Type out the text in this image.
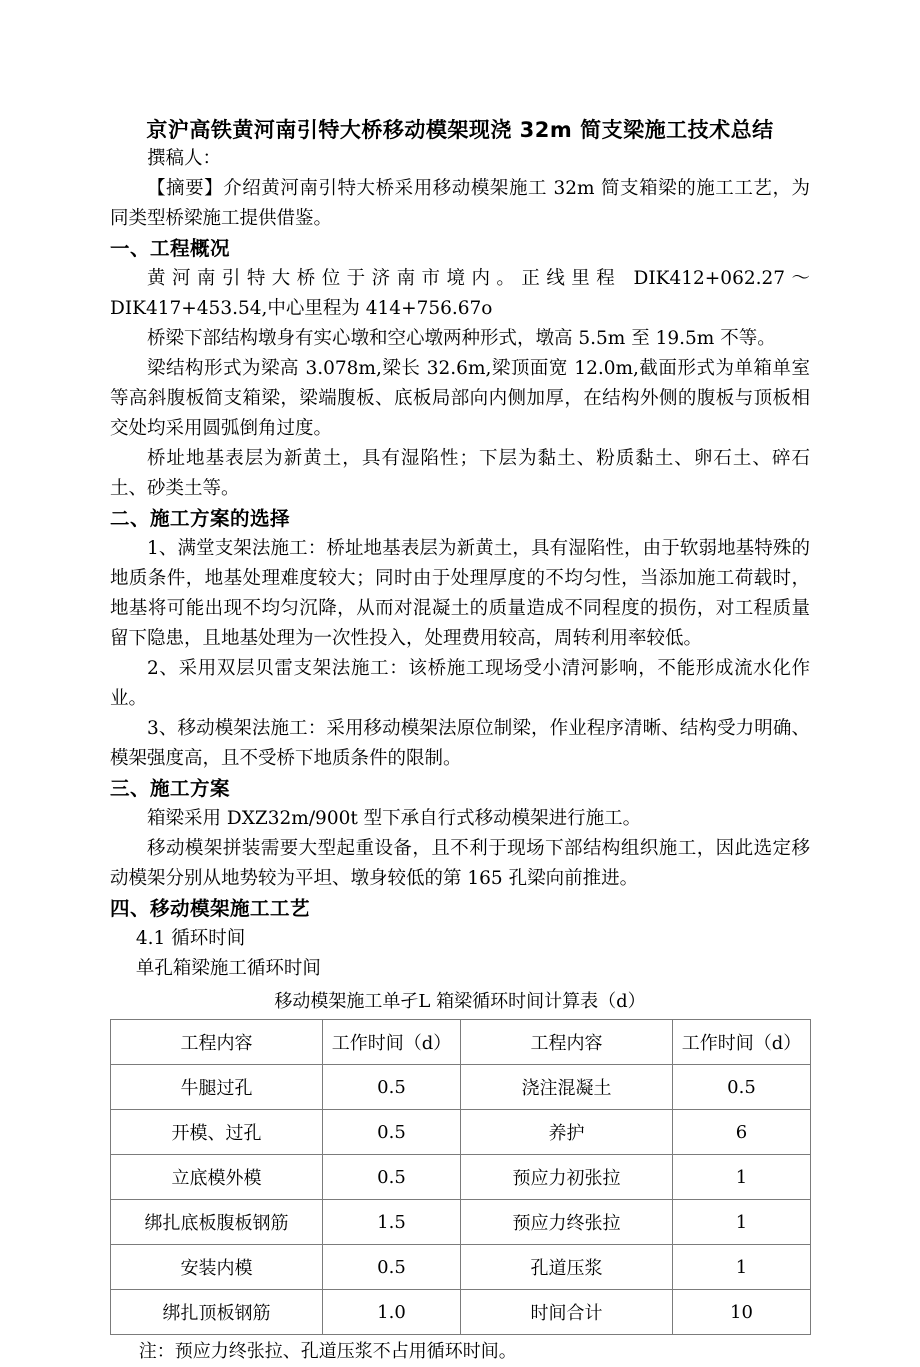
京沪高铁黄河南引特大桥移动模架现浇 32m 简支梁施工技术总结

撰稿人：

【摘要】介绍黄河南引特大桥采用移动模架施工 32m 简支箱梁的施工工艺，为同类型桥梁施工提供借鉴。

一、工程概况

黄河南引特大桥位于济南市境内。正线里程 DIK412+062.27～DIK417+453.54,中心里程为 414+756.67o

桥梁下部结构墩身有实心墩和空心墩两种形式，墩高 5.5m 至 19.5m 不等。

梁结构形式为梁高 3.078m,梁长 32.6m,梁顶面宽 12.0m,截面形式为单箱单室等高斜腹板简支箱梁，梁端腹板、底板局部向内侧加厚，在结构外侧的腹板与顶板相交处均采用圆弧倒角过度。

桥址地基表层为新黄土，具有湿陷性；下层为黏土、粉质黏土、卵石土、碎石土、砂类土等。

二、施工方案的选择

1、满堂支架法施工：桥址地基表层为新黄土，具有湿陷性，由于软弱地基特殊的地质条件，地基处理难度较大；同时由于处理厚度的不均匀性，当添加施工荷载时，地基将可能出现不均匀沉降，从而对混凝土的质量造成不同程度的损伤，对工程质量留下隐患，且地基处理为一次性投入，处理费用较高，周转利用率较低。

2、采用双层贝雷支架法施工：该桥施工现场受小清河影响，不能形成流水化作业。

3、移动模架法施工：采用移动模架法原位制梁，作业程序清晰、结构受力明确、模架强度高，且不受桥下地质条件的限制。

三、施工方案

箱梁采用 DXZ32m/900t 型下承自行式移动模架进行施工。

移动模架拼装需要大型起重设备，且不利于现场下部结构组织施工，因此选定移动模架分别从地势较为平坦、墩身较低的第 165 孔梁向前推进。

四、移动模架施工工艺

4.1 循环时间

单孔箱梁施工循环时间

移动模架施工单孑L 箱梁循环时间计算表（d）

工程内容	工作时间（d）	工程内容	工作时间（d）
牛腿过孔	0.5	浇注混凝土	0.5
开模、过孔	0.5	养护	6
立底模外模	0.5	预应力初张拉	1
绑扎底板腹板钢筋	1.5	预应力终张拉	1
安装内模	0.5	孔道压浆	1
绑扎顶板钢筋	1.0	时间合计	10

注：预应力终张拉、孔道压浆不占用循环时间。
